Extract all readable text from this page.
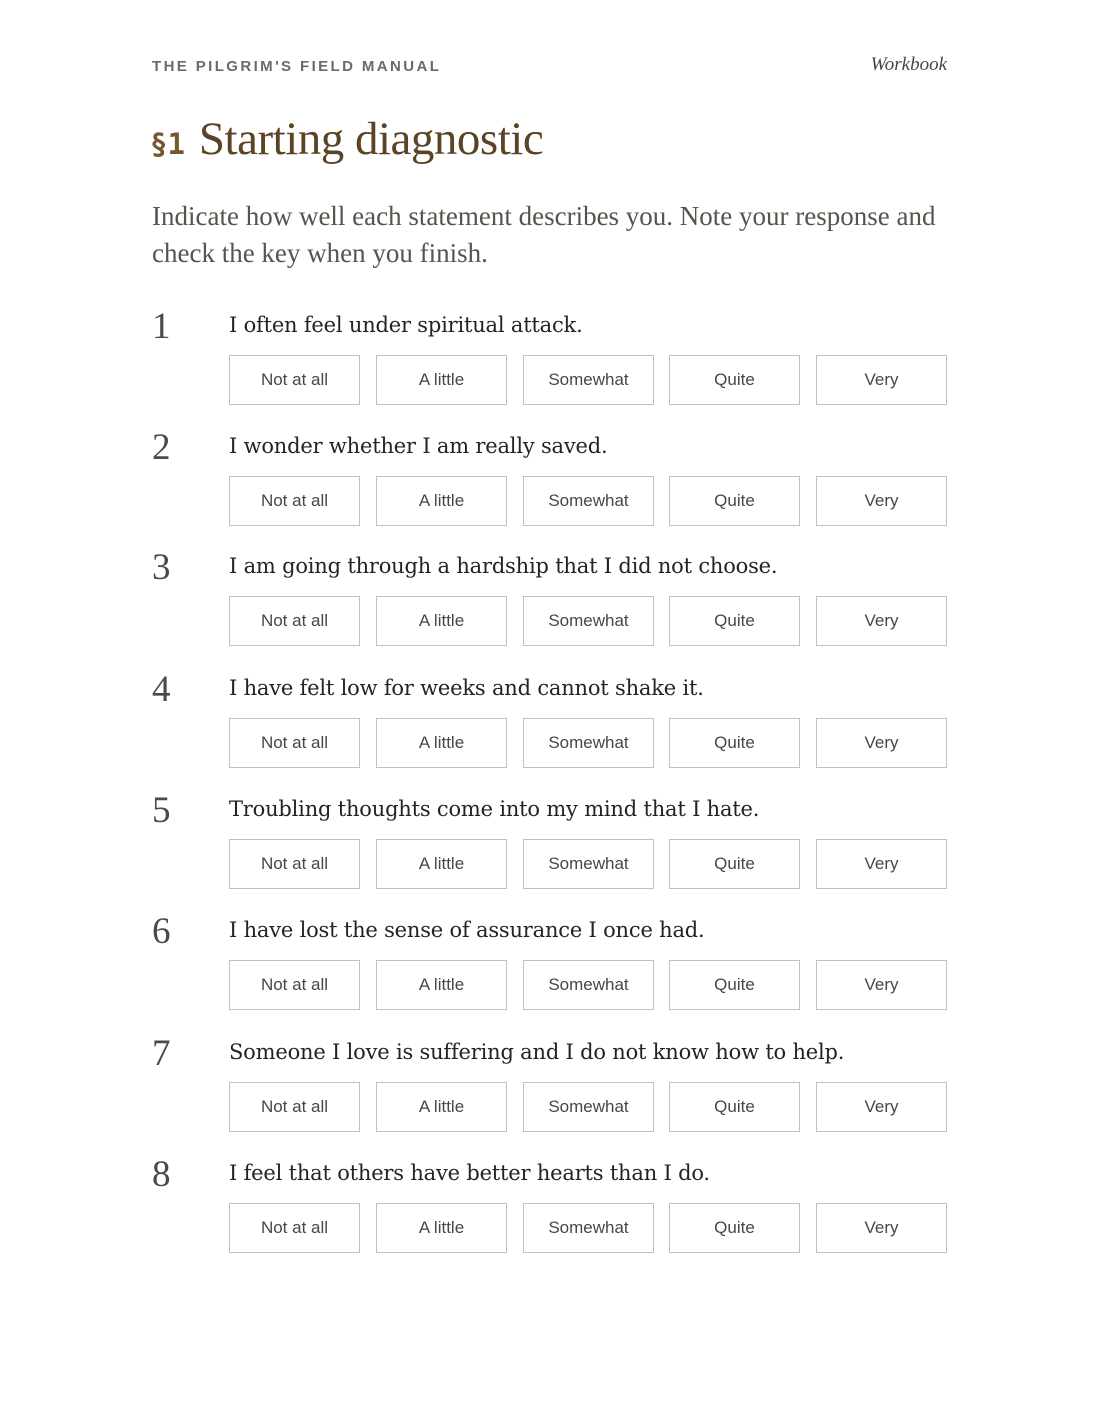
THE PILGRIM'S FIELD MANUAL	Workbook
§1 Starting diagnostic

Indicate how well each statement describes you. Note your response and check the key when you finish.

1	I often feel under spiritual attack.
Not at all	A little	Somewhat	Quite	Very
2	I wonder whether I am really saved.
Not at all	A little	Somewhat	Quite	Very
3	I am going through a hardship that I did not choose.
Not at all	A little	Somewhat	Quite	Very
4	I have felt low for weeks and cannot shake it.
Not at all	A little	Somewhat	Quite	Very
5	Troubling thoughts come into my mind that I hate.
Not at all	A little	Somewhat	Quite	Very
6	I have lost the sense of assurance I once had.
Not at all	A little	Somewhat	Quite	Very
7	Someone I love is suffering and I do not know how to help.
Not at all	A little	Somewhat	Quite	Very
8	I feel that others have better hearts than I do.
Not at all	A little	Somewhat	Quite	Very
